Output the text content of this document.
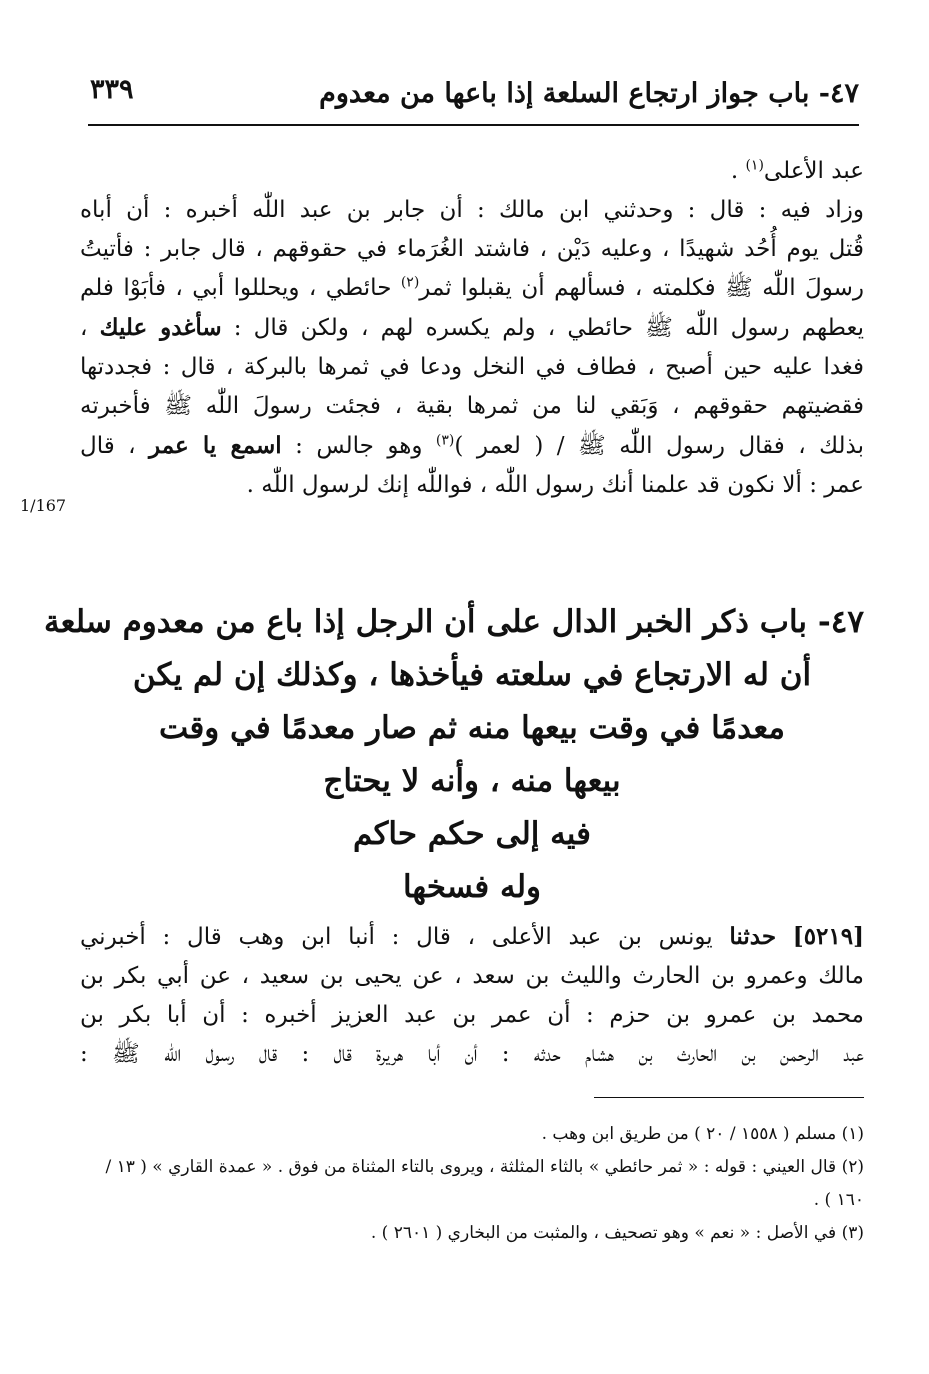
٤٧- باب جواز ارتجاع السلعة إذا باعها من معدوم
٣٣٩
عبد الأعلى$^{(١)}$ .
وزاد فيه : قال : وحدثني ابن مالك : أن جابر بن عبد اللّٰه أخبره : أن أباه
قُتل يوم أُحُد شهيدًا ، وعليه دَيْن ، فاشتد الغُرَماء في حقوقهم ، قال جابر : فأتيتُ
رسولَ اللّٰه ﷺ فكلمته ، فسألهم أن يقبلوا ثمر$^{(٢)}$ حائطي ، ويحللوا أبي ، فأبَوْا فلم
يعطهم رسول اللّٰه ﷺ حائطي ، ولم يكسره لهم ، ولكن قال : سأغدو عليك ،
فغدا عليه حين أصبح ، فطاف في النخل ودعا في ثمرها بالبركة ، قال : فجددتها
فقضيتهم حقوقهم ، وَبَقي لنا من ثمرها بقية ، فجئت رسولَ اللّٰه ﷺ فأخبرته
بذلك ، فقال رسول اللّٰه ﷺ / ( لعمر )$^{(٣)}$ وهو جالس : اسمع يا عمر ، قال
عمر : ألا نكون قد علمنا أنك رسول اللّٰه ، فواللّٰه إنك لرسول اللّٰه .
1/167
٤٧- باب ذكر الخبر الدال على أن الرجل إذا باع من معدوم سلعة
أن له الارتجاع في سلعته فيأخذها ، وكذلك إن لم يكن
معدمًا في وقت بيعها منه ثم صار معدمًا في وقت
بيعها منه ، وأنه لا يحتاج
فيه إلى حكم حاكم
وله فسخها
[٥٢١٩] حدثنا يونس بن عبد الأعلى ، قال : أنبا ابن وهب قال : أخبرني
مالك وعمرو بن الحارث والليث بن سعد ، عن يحيى بن سعيد ، عن أبي بكر بن
محمد بن عمرو بن حزم : أن عمر بن عبد العزيز أخبره : أن أبا بكر بن
عبد الرحمن بن الحارث بن هشام حدثه : أن أبا هريرة قال : قال رسول اللّٰه ﷺ :
(١) مسلم ( ١٥٥٨ / ٢٠ ) من طريق ابن وهب .
(٢) قال العيني : قوله : « ثمر حائطي » بالثاء المثلثة ، ويروى بالتاء المثناة من فوق . « عمدة القاري » ( ١٣ /
١٦٠ ) .
(٣) في الأصل : « نعم » وهو تصحيف ، والمثبت من البخاري ( ٢٦٠١ ) .
